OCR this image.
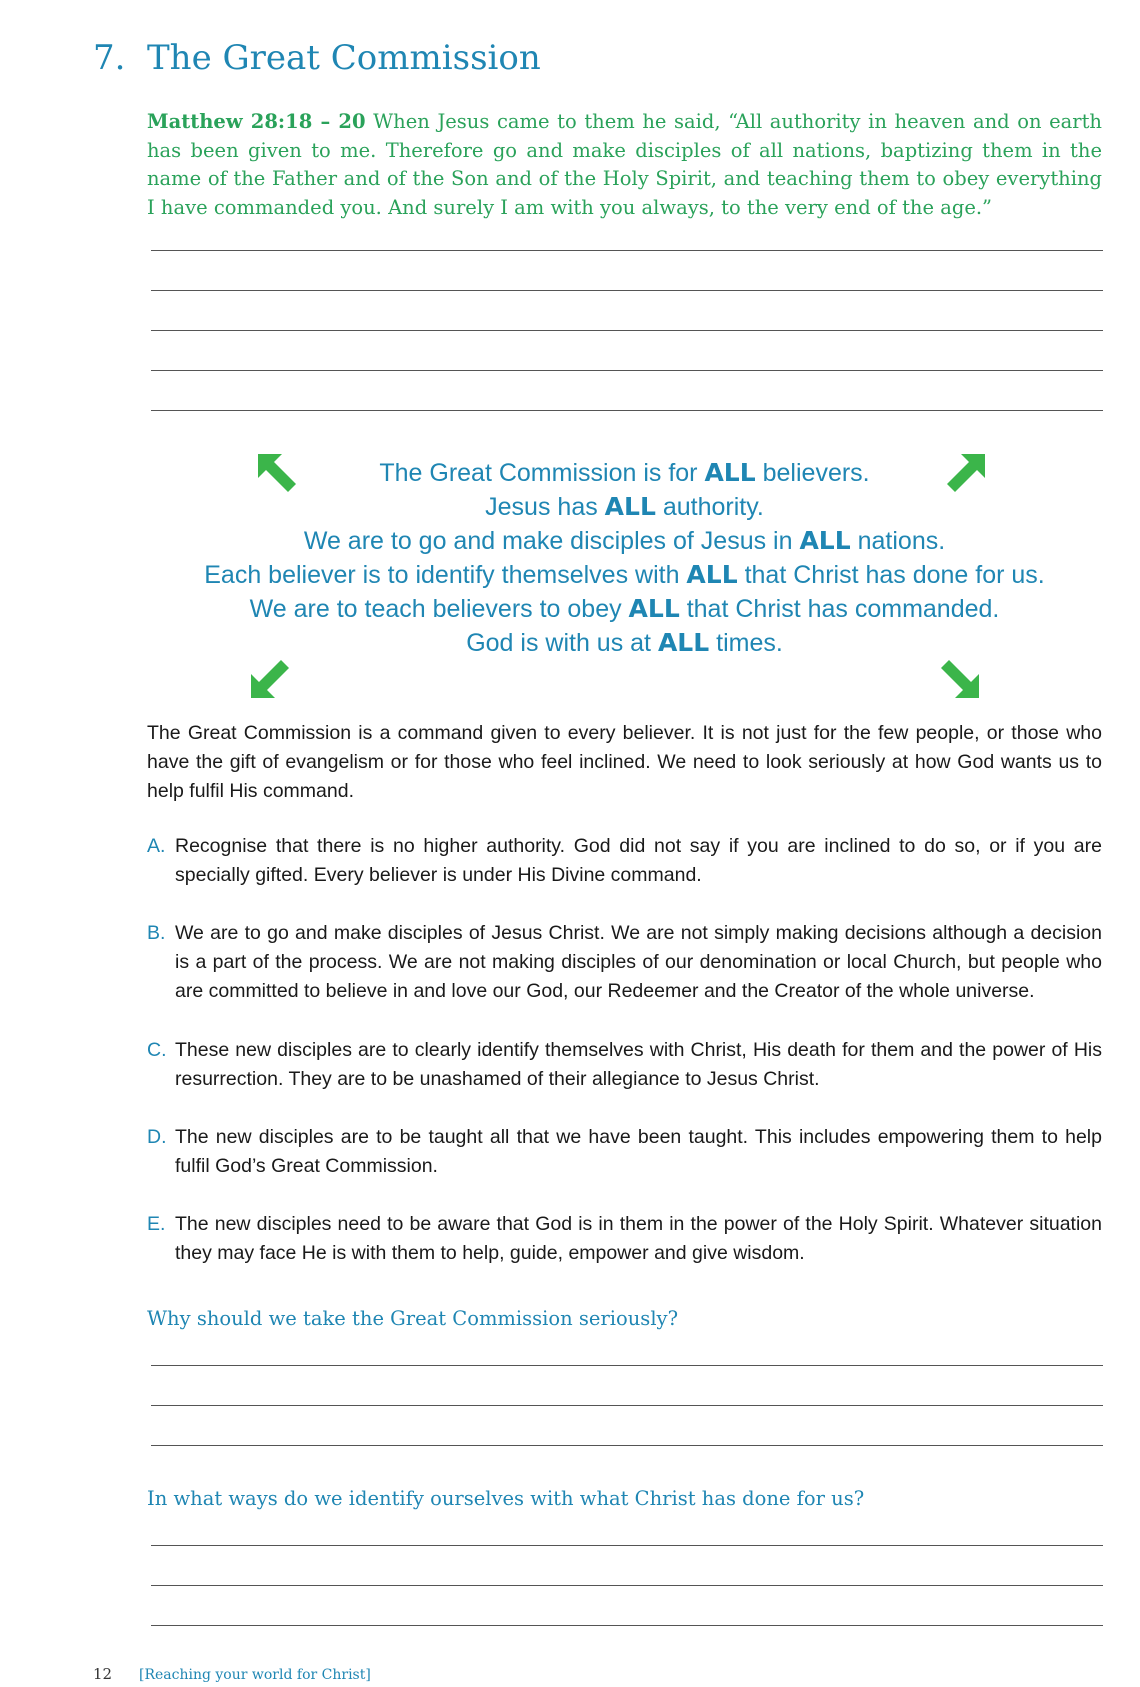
7. The Great Commission

Matthew 28:18 – 20 When Jesus came to them he said, “All authority in heaven and on earth has been given to me. Therefore go and make disciples of all nations, baptizing them in the name of the Father and of the Son and of the Holy Spirit, and teaching them to obey everything I have commanded you. And surely I am with you always, to the very end of the age.”

The Great Commission is for ALL believers.
Jesus has ALL authority.
We are to go and make disciples of Jesus in ALL nations.
Each believer is to identify themselves with ALL that Christ has done for us.
We are to teach believers to obey ALL that Christ has commanded.
God is with us at ALL times.

The Great Commission is a command given to every believer. It is not just for the few people, or those who have the gift of evangelism or for those who feel inclined. We need to look seriously at how God wants us to help fulfil His command.

A. Recognise that there is no higher authority. God did not say if you are inclined to do so, or if you are specially gifted. Every believer is under His Divine command.
B. We are to go and make disciples of Jesus Christ. We are not simply making decisions although a decision is a part of the process. We are not making disciples of our denomination or local Church, but people who are committed to believe in and love our God, our Redeemer and the Creator of the whole universe.
C. These new disciples are to clearly identify themselves with Christ, His death for them and the power of His resurrection. They are to be unashamed of their allegiance to Jesus Christ.
D. The new disciples are to be taught all that we have been taught. This includes empowering them to help fulfil God’s Great Commission.
E. The new disciples need to be aware that God is in them in the power of the Holy Spirit. Whatever situation they may face He is with them to help, guide, empower and give wisdom.
Why should we take the Great Commission seriously?
In what ways do we identify ourselves with what Christ has done for us?
12 [Reaching your world for Christ]
